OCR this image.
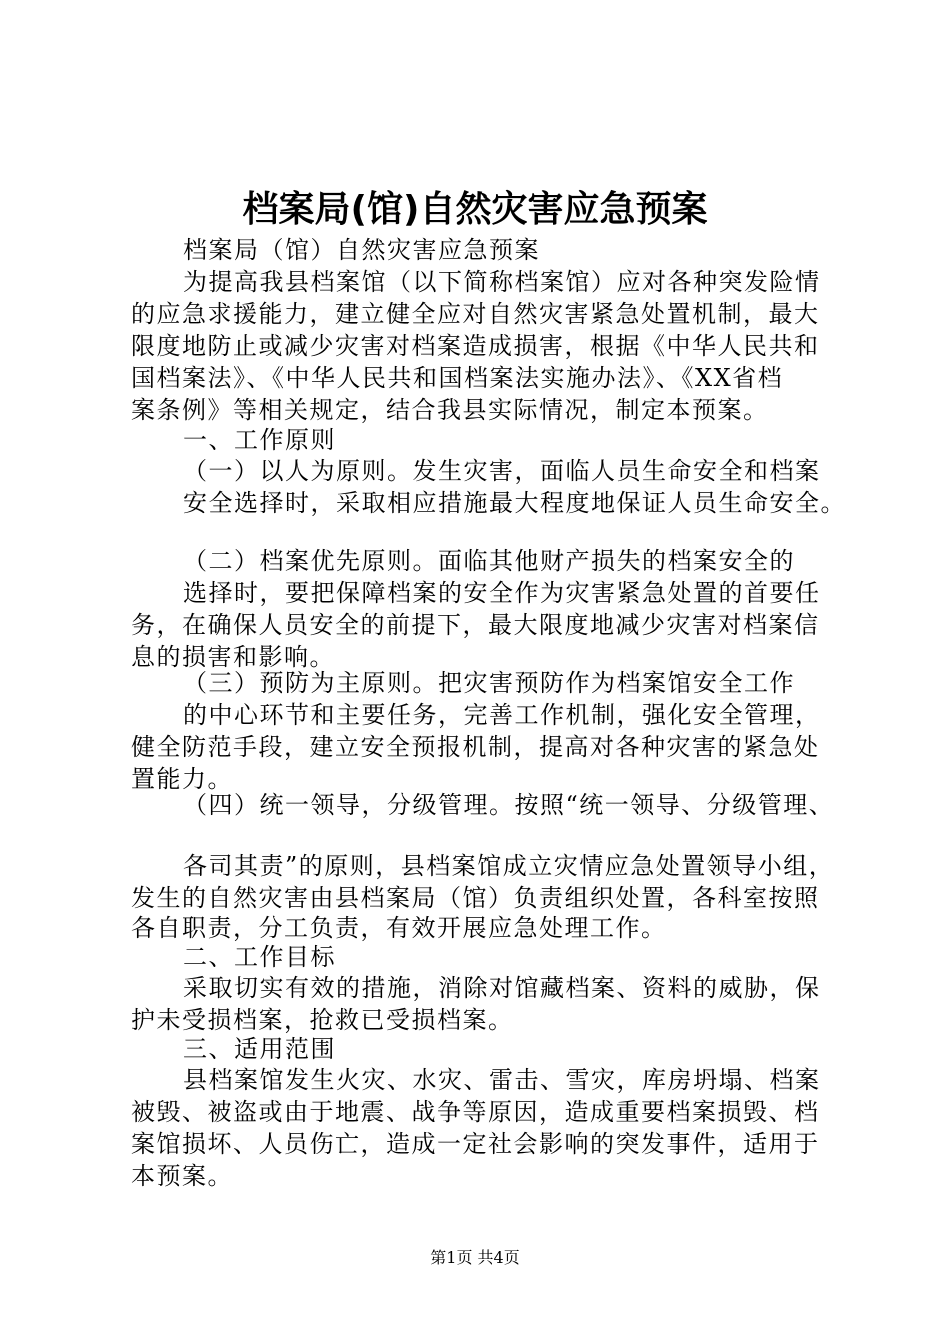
档案局(馆)自然灾害应急预案
档案局（馆）自然灾害应急预案
为提高我县档案馆（以下简称档案馆）应对各种突发险情
的应急求援能力，建立健全应对自然灾害紧急处置机制，最大
限度地防止或减少灾害对档案造成损害，根据《中华人民共和
国档案法》、《中华人民共和国档案法实施办法》、《XX省档
案条例》等相关规定，结合我县实际情况，制定本预案。
一、工作原则
（一）以人为原则。发生灾害，面临人员生命安全和档案
安全选择时，采取相应措施最大程度地保证人员生命安全。
（二）档案优先原则。面临其他财产损失的档案安全的
选择时，要把保障档案的安全作为灾害紧急处置的首要任
务，在确保人员安全的前提下，最大限度地减少灾害对档案信
息的损害和影响。
（三）预防为主原则。把灾害预防作为档案馆安全工作
的中心环节和主要任务，完善工作机制，强化安全管理，
健全防范手段，建立安全预报机制，提高对各种灾害的紧急处
置能力。
（四）统一领导，分级管理。按照“统一领导、分级管理、
各司其责”的原则，县档案馆成立灾情应急处置领导小组，
发生的自然灾害由县档案局（馆）负责组织处置，各科室按照
各自职责，分工负责，有效开展应急处理工作。
二、工作目标
采取切实有效的措施，消除对馆藏档案、资料的威胁，保
护未受损档案，抢救已受损档案。
三、适用范围
县档案馆发生火灾、水灾、雷击、雪灾，库房坍塌、档案
被毁、被盗或由于地震、战争等原因，造成重要档案损毁、档
案馆损坏、人员伤亡，造成一定社会影响的突发事件，适用于
本预案。
第1页 共4页
